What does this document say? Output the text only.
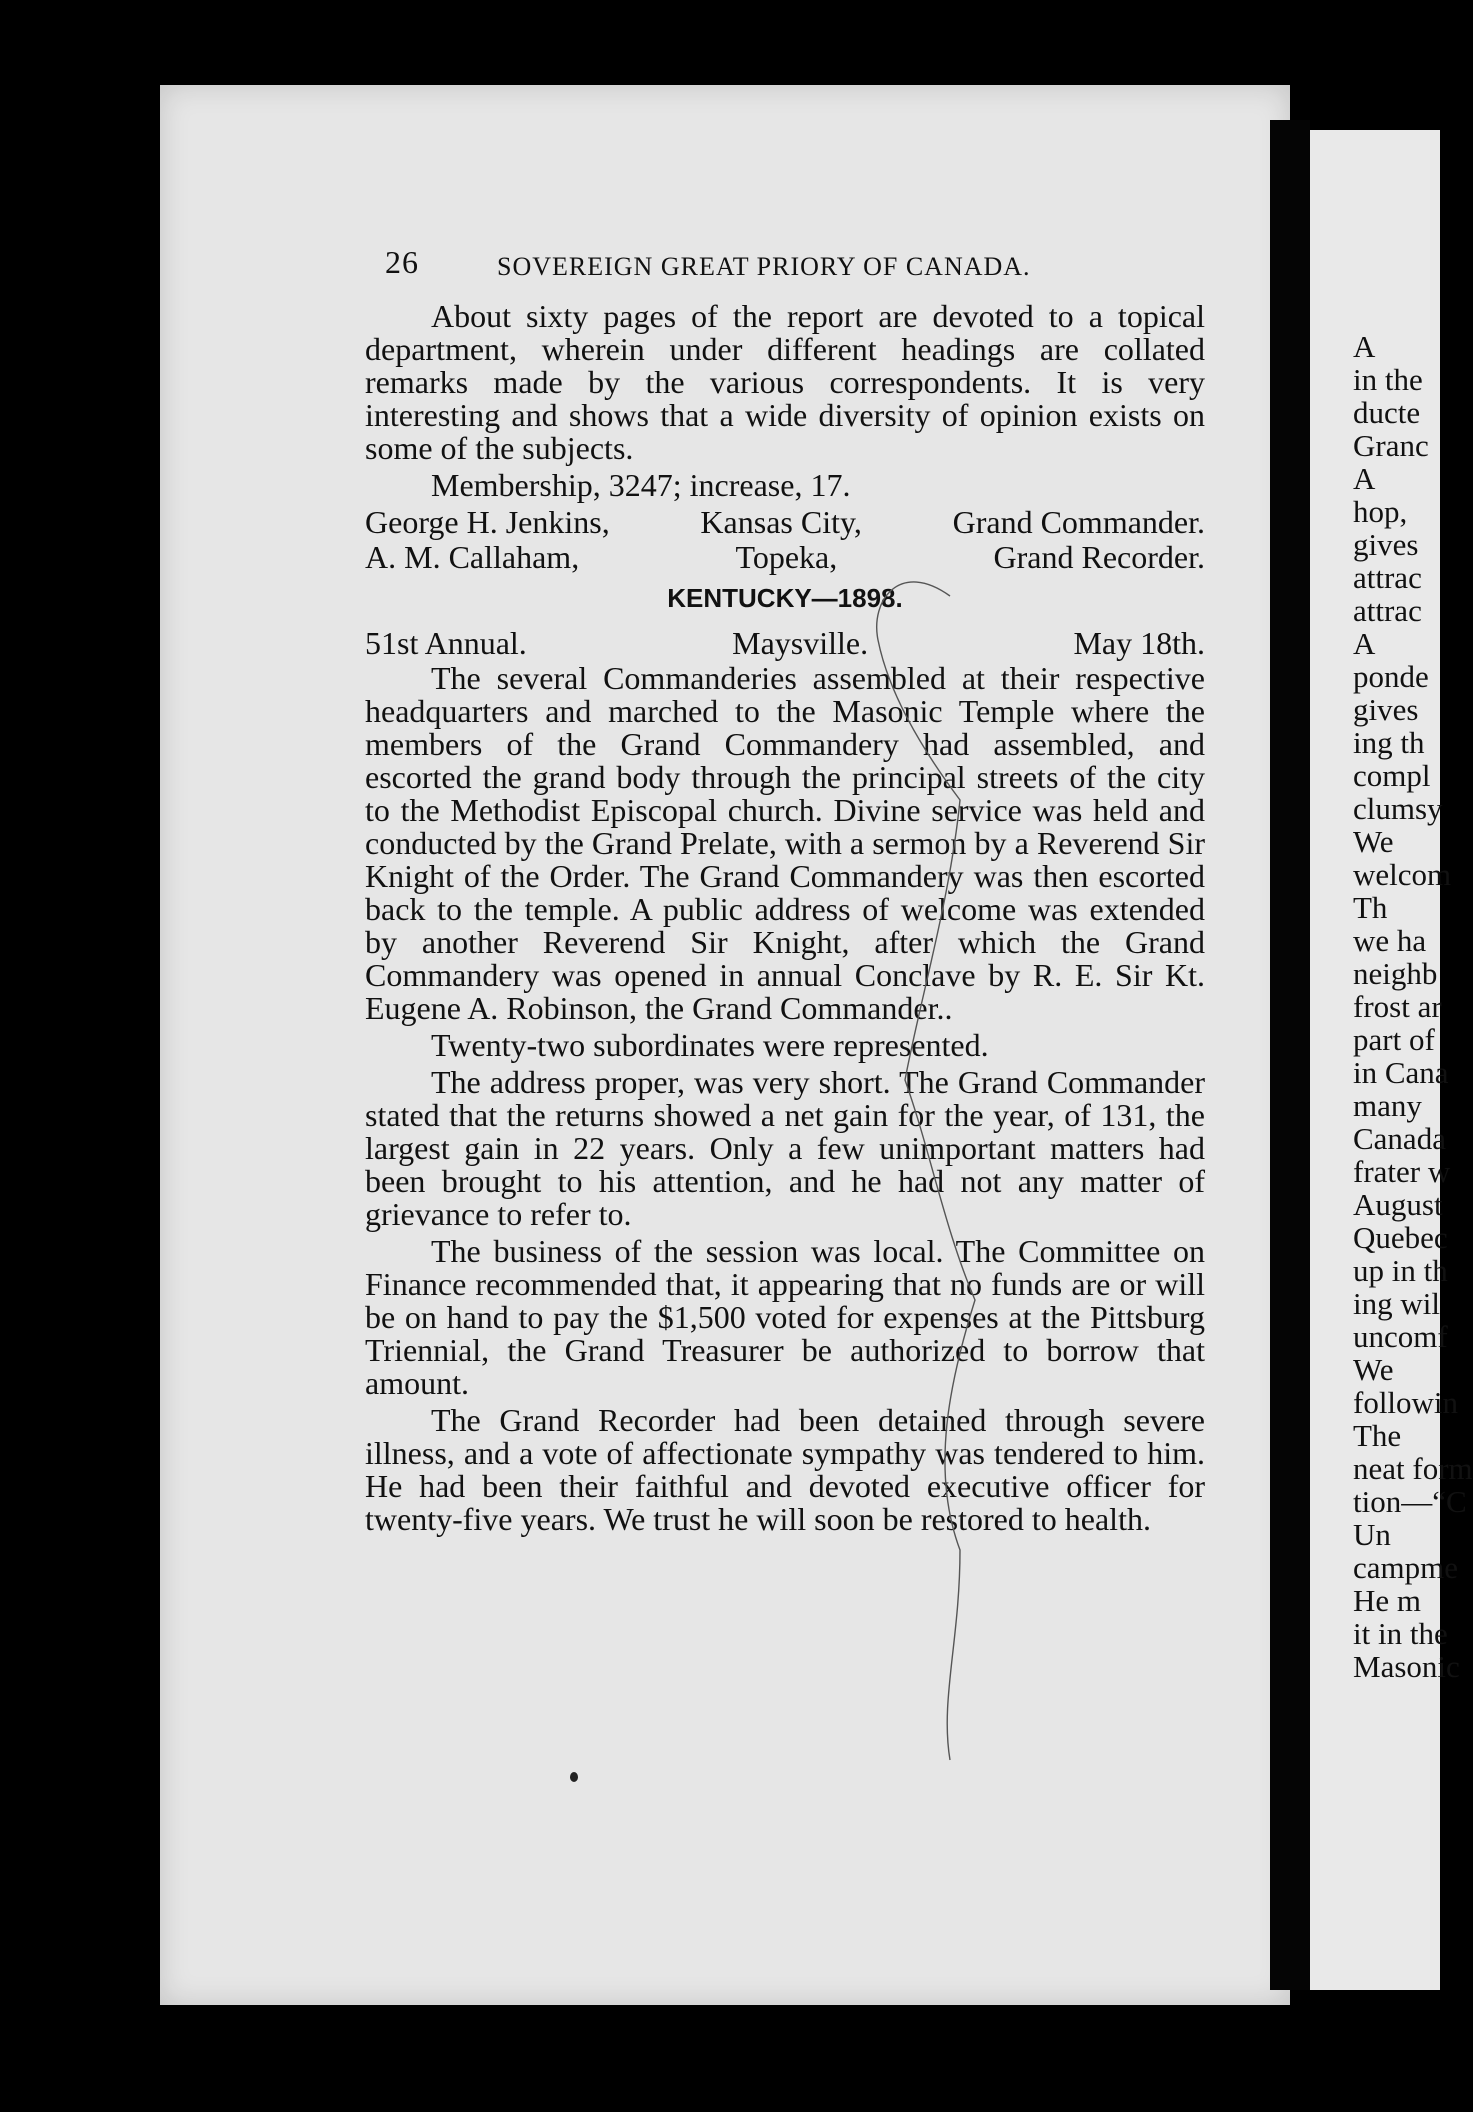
26	SOVEREIGN GREAT PRIORY OF CANADA.

About sixty pages of the report are devoted to a topical department, wherein under different headings are collated remarks made by the various correspondents. It is very interesting and shows that a wide diversity of opinion exists on some of the subjects.

Membership, 3247; increase, 17.

George H. Jenkins,	Kansas City,	Grand Commander.
A. M. Callaham,	Topeka,	Grand Recorder.
KENTUCKY—1898.
51st Annual.	Maysville.	May 18th.

The several Commanderies assembled at their respective headquarters and marched to the Masonic Temple where the members of the Grand Commandery had assembled, and escorted the grand body through the principal streets of the city to the Methodist Episcopal church. Divine service was held and conducted by the Grand Prelate, with a sermon by a Reverend Sir Knight of the Order. The Grand Commandery was then escorted back to the temple. A public address of welcome was extended by another Reverend Sir Knight, after which the Grand Commandery was opened in annual Conclave by R. E. Sir Kt. Eugene A. Robinson, the Grand Commander..

Twenty-two subordinates were represented.

The address proper, was very short. The Grand Commander stated that the returns showed a net gain for the year, of 131, the largest gain in 22 years. Only a few unimportant matters had been brought to his attention, and he had not any matter of grievance to refer to.

The business of the session was local. The Committee on Finance recommended that, it appearing that no funds are or will be on hand to pay the $1,500 voted for expenses at the Pittsburg Triennial, the Grand Treasurer be authorized to borrow that amount.

The Grand Recorder had been detained through severe illness, and a vote of affectionate sympathy was tendered to him. He had been their faithful and devoted executive officer for twenty-five years. We trust he will soon be restored to health.

A
in the
ducte
Granc
A
hop,
gives
attrac
attrac
A
ponde
gives
ing th
compl
clumsy
We
welcom
Th
we ha
neighb
frost ar
part of
in Cana
many
Canada
frater w
August
Quebec
up in th
ing wil
uncomf
We
followin
The
neat form
tion—“C
Un
campme
He m
it in the
Masonic
